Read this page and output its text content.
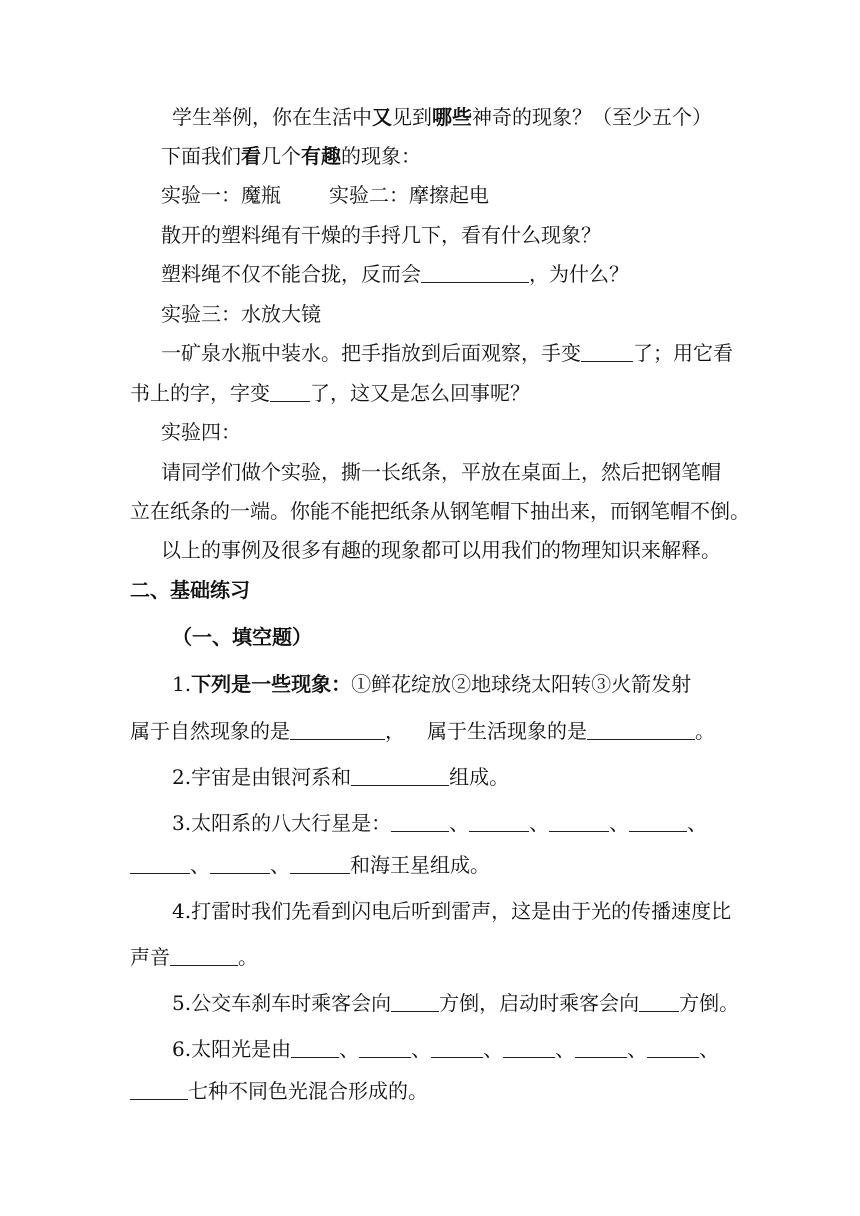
学生举例，你在生活中又见到哪些神奇的现象？（至少五个）
下面我们看几个有趣的现象：
实验一：魔瓶 实验二：摩擦起电
散开的塑料绳有干燥的手捋几下，看有什么现象？
塑料绳不仅不能合拢，反而会	，为什么？
实验三：水放大镜
一矿泉水瓶中装水。把手指放到后面观察，手变	了；用它看
书上的字，字变 了，这又是怎么回事呢？
实验四：
请同学们做个实验，撕一长纸条，平放在桌面上，然后把钢笔帽
立在纸条的一端。你能不能把纸条从钢笔帽下抽出来，而钢笔帽不倒。
以上的事例及很多有趣的现象都可以用我们的物理知识来解释。
二、基础练习
（一、填空题）
1.下列是一些现象：①鲜花绽放②地球绕太阳转③火箭发射
属于自然现象的是	， 属于生活现象的是	。
2.宇宙是由银河系和	组成。
3.太阳系的八大行星是：	、	、	、	、
、	、	和海王星组成。
4.打雷时我们先看到闪电后听到雷声，这是由于光的传播速度比
声音	。
5.公交车刹车时乘客会向 方倒，启动时乘客会向 方倒。
6.太阳光是由 、	、	、	、	、	、
七种不同色光混合形成的。
